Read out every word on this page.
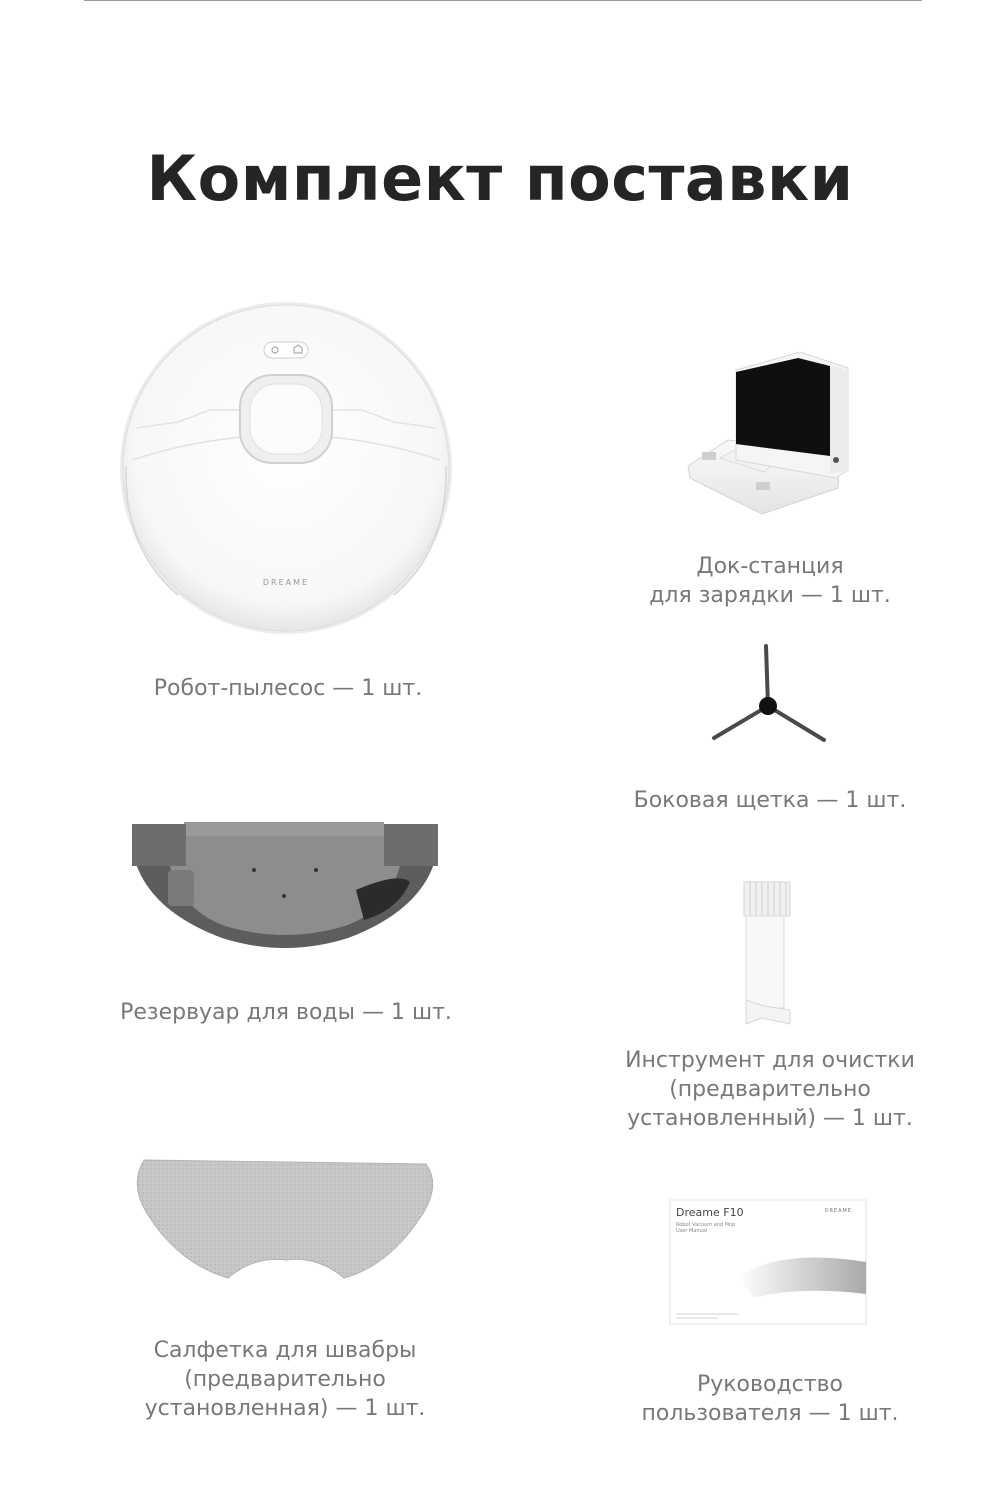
Комплект поставки
DREAME
Робот-пылесос — 1 шт.
Док-станция
для зарядки — 1 шт.
Боковая щетка — 1 шт.
Резервуар для воды — 1 шт.
Инструмент для очистки
(предварительно
установленный) — 1 шт.
Салфетка для швабры
(предварительно
установленная) — 1 шт.
Dreame F10
Robot Vacuum and Mop
User Manual
DREAME
Руководство
пользователя — 1 шт.
